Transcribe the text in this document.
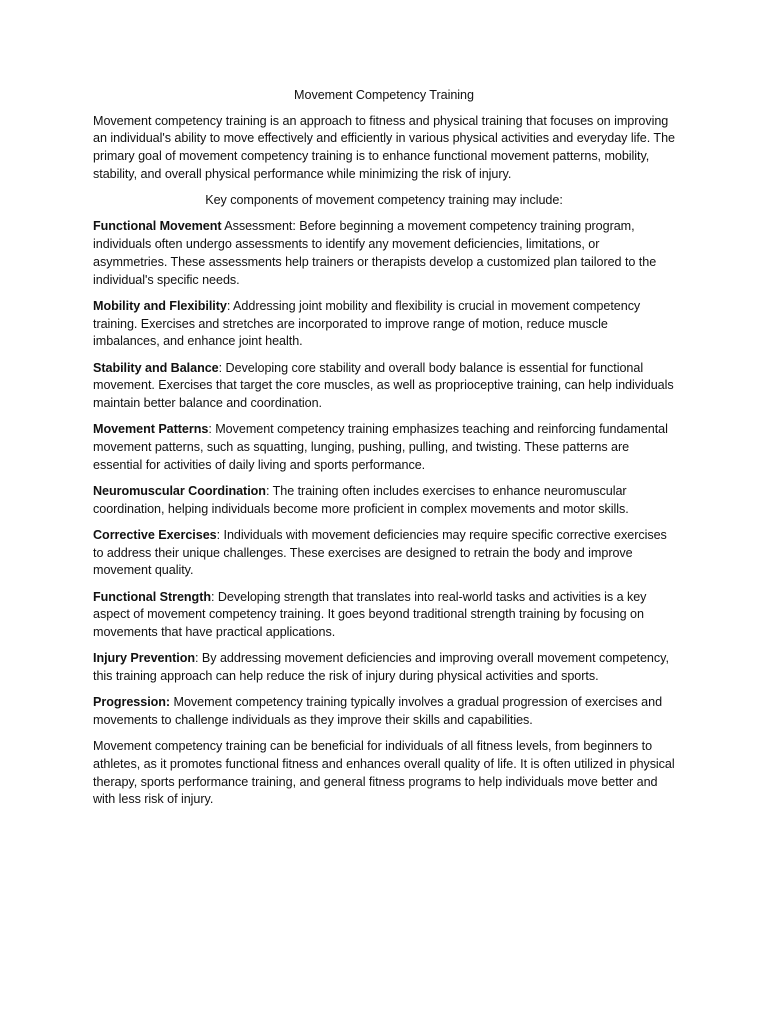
Movement Competency Training

Movement competency training is an approach to fitness and physical training that focuses on improving an individual's ability to move effectively and efficiently in various physical activities and everyday life. The primary goal of movement competency training is to enhance functional movement patterns, mobility, stability, and overall physical performance while minimizing the risk of injury.

Key components of movement competency training may include:

Functional Movement Assessment: Before beginning a movement competency training program, individuals often undergo assessments to identify any movement deficiencies, limitations, or asymmetries. These assessments help trainers or therapists develop a customized plan tailored to the individual's specific needs.

Mobility and Flexibility: Addressing joint mobility and flexibility is crucial in movement competency training. Exercises and stretches are incorporated to improve range of motion, reduce muscle imbalances, and enhance joint health.

Stability and Balance: Developing core stability and overall body balance is essential for functional movement. Exercises that target the core muscles, as well as proprioceptive training, can help individuals maintain better balance and coordination.

Movement Patterns: Movement competency training emphasizes teaching and reinforcing fundamental movement patterns, such as squatting, lunging, pushing, pulling, and twisting. These patterns are essential for activities of daily living and sports performance.

Neuromuscular Coordination: The training often includes exercises to enhance neuromuscular coordination, helping individuals become more proficient in complex movements and motor skills.

Corrective Exercises: Individuals with movement deficiencies may require specific corrective exercises to address their unique challenges. These exercises are designed to retrain the body and improve movement quality.

Functional Strength: Developing strength that translates into real-world tasks and activities is a key aspect of movement competency training. It goes beyond traditional strength training by focusing on movements that have practical applications.

Injury Prevention: By addressing movement deficiencies and improving overall movement competency, this training approach can help reduce the risk of injury during physical activities and sports.

Progression: Movement competency training typically involves a gradual progression of exercises and movements to challenge individuals as they improve their skills and capabilities.

Movement competency training can be beneficial for individuals of all fitness levels, from beginners to athletes, as it promotes functional fitness and enhances overall quality of life. It is often utilized in physical therapy, sports performance training, and general fitness programs to help individuals move better and with less risk of injury.
